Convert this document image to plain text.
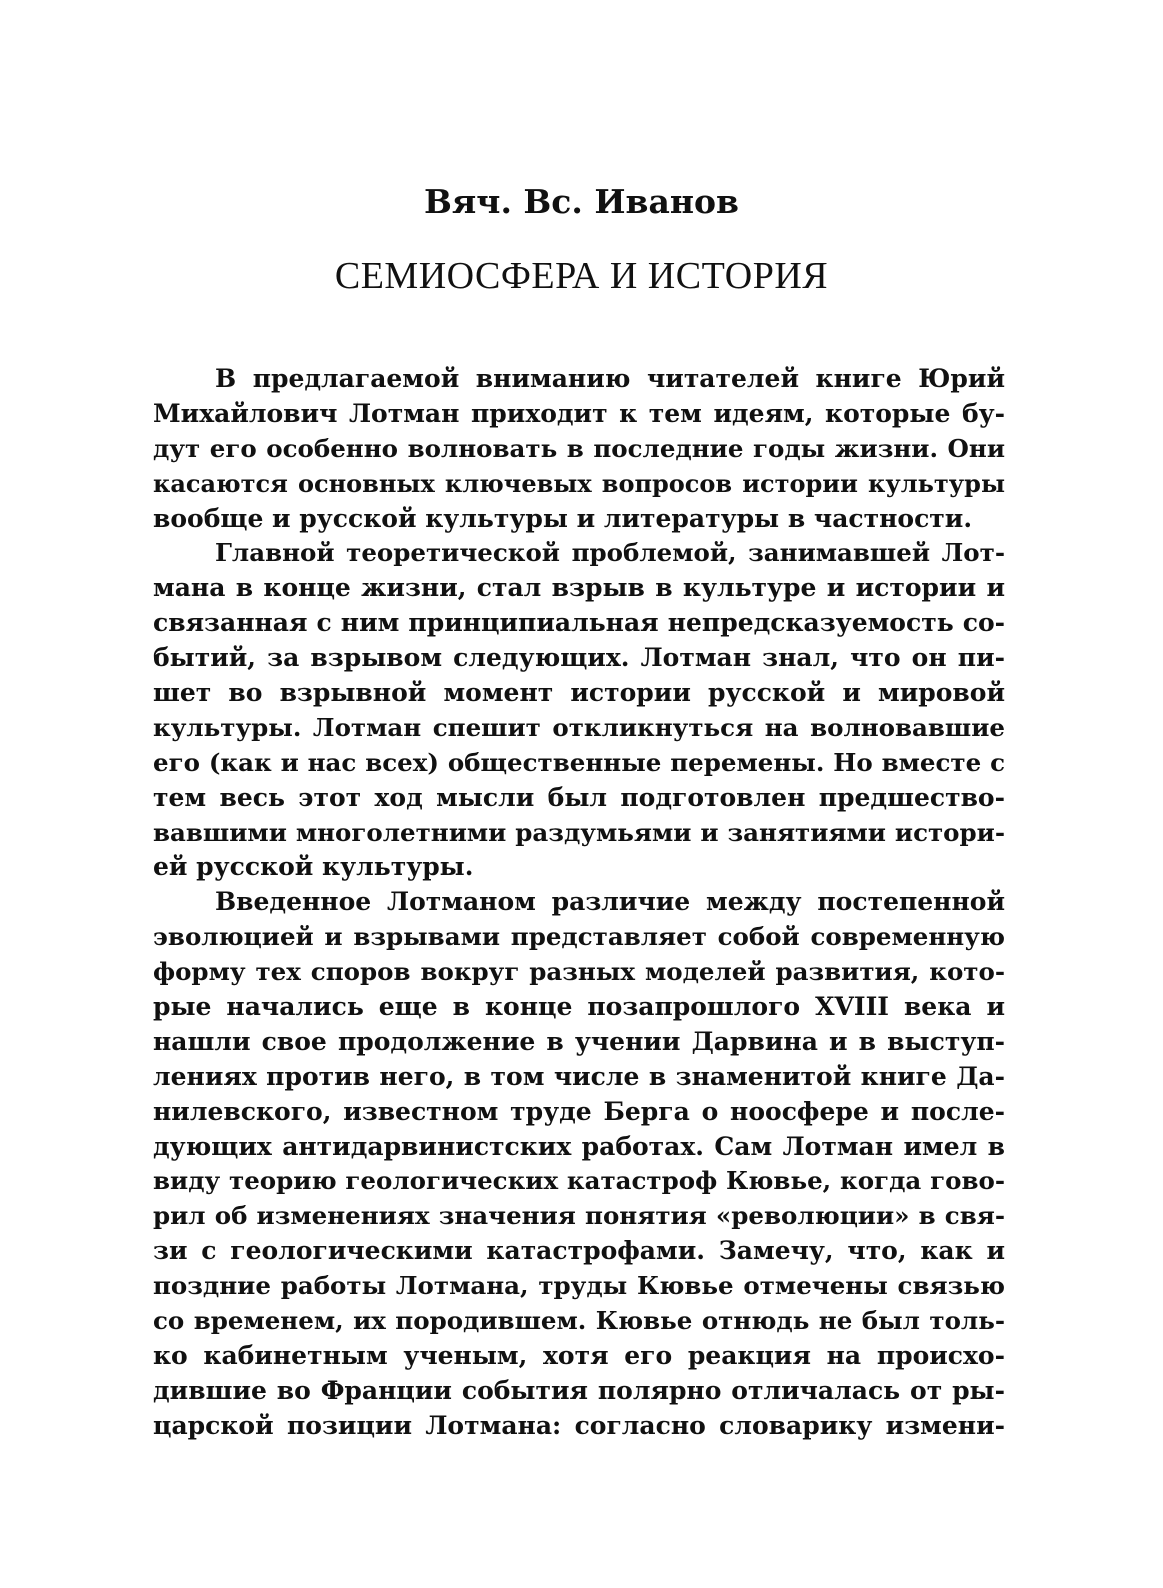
Вяч. Вс. Иванов
СЕМИОСФЕРА И ИСТОРИЯ
В предлагаемой вниманию читателей книге Юрий
Михайлович Лотман приходит к тем идеям, которые бу-
дут его особенно волновать в последние годы жизни. Они
касаются основных ключевых вопросов истории культуры
вообще и русской культуры и литературы в частности.
Главной теоретической проблемой, занимавшей Лот-
мана в конце жизни, стал взрыв в культуре и истории и
связанная с ним принципиальная непредсказуемость со-
бытий, за взрывом следующих. Лотман знал, что он пи-
шет во взрывной момент истории русской и мировой
культуры. Лотман спешит откликнуться на волновавшие
его (как и нас всех) общественные перемены. Но вместе с
тем весь этот ход мысли был подготовлен предшество-
вавшими многолетними раздумьями и занятиями истори-
ей русской культуры.
Введенное Лотманом различие между постепенной
эволюцией и взрывами представляет собой современную
форму тех споров вокруг разных моделей развития, кото-
рые начались еще в конце позапрошлого XVIII века и
нашли свое продолжение в учении Дарвина и в выступ-
лениях против него, в том числе в знаменитой книге Да-
нилевского, известном труде Берга о ноосфере и после-
дующих антидарвинистских работах. Сам Лотман имел в
виду теорию геологических катастроф Кювье, когда гово-
рил об изменениях значения понятия «революции» в свя-
зи с геологическими катастрофами. Замечу, что, как и
поздние работы Лотмана, труды Кювье отмечены связью
со временем, их породившем. Кювье отнюдь не был толь-
ко кабинетным ученым, хотя его реакция на происхо-
дившие во Франции события полярно отличалась от ры-
царской позиции Лотмана: согласно словарику измени-
